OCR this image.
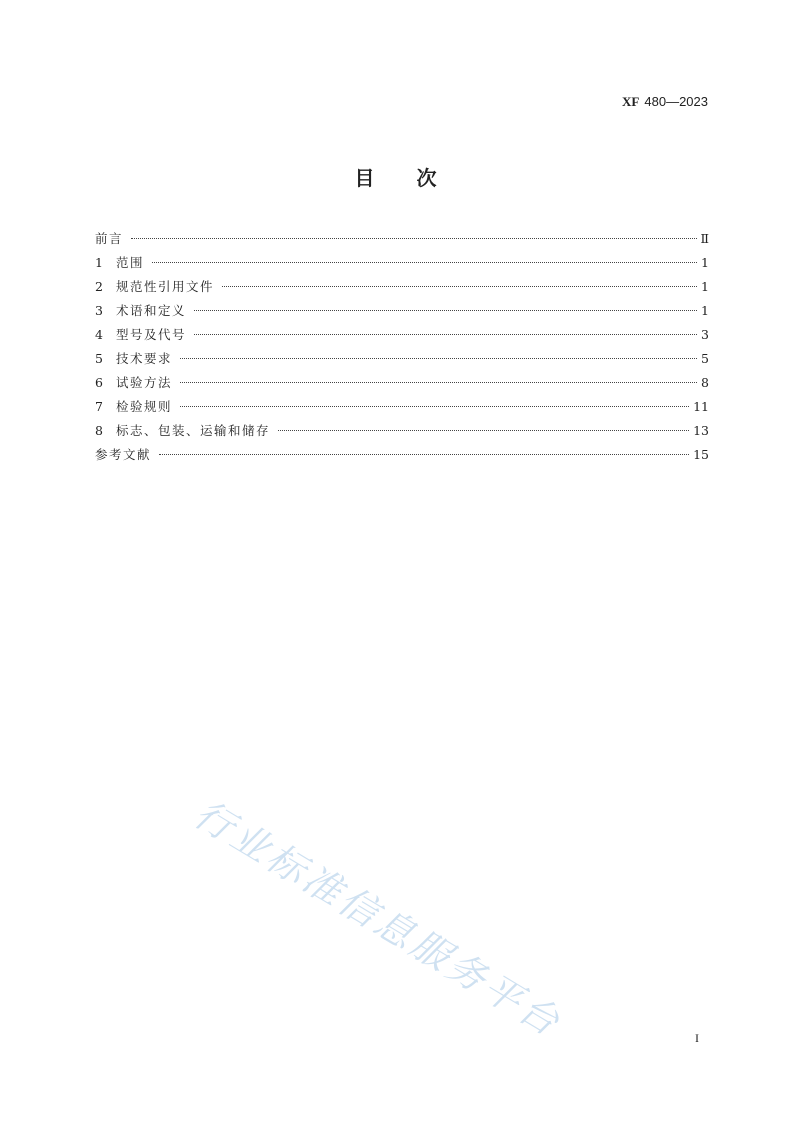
XF 480—2023
目 次
前言	Ⅱ
1	范围	1
2	规范性引用文件	1
3	术语和定义	1
4	型号及代号	3
5	技术要求	5
6	试验方法	8
7	检验规则	11
8	标志、包装、运输和储存	13
参考文献	15
行业标准信息服务平台	I
